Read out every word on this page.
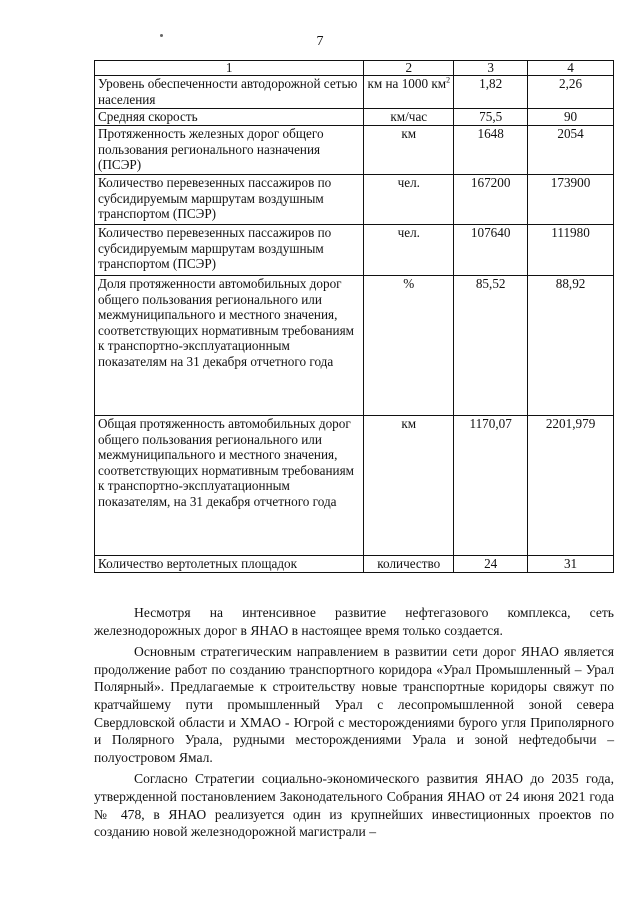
7
1	2	3	4
Уровень обеспеченности автодорожной сетью населения	км на 1000 $км^2$	1,82	2,26
Средняя скорость	км/час	75,5	90
Протяженность железных дорог общего пользования регионального назначения (ПСЭР)	км	1648	2054
Количество перевезенных пассажиров по субсидируемым маршрутам воздушным транспортом (ПСЭР)	чел.	167200	173900
Количество перевезенных пассажиров по субсидируемым маршрутам воздушным транспортом (ПСЭР)	чел.	107640	111980
Доля протяженности автомобильных дорог общего пользования регионального или межмуниципального и местного значения, соответствующих нормативным требованиям к транспортно-эксплуатационным показателям на 31 декабря отчетного года	%	85,52	88,92
Общая протяженность автомобильных дорог общего пользования регионального или межмуниципального и местного значения, соответствующих нормативным требованиям к транспортно-эксплуатационным показателям, на 31 декабря отчетного года	км	1170,07	2201,979
Количество вертолетных площадок	количество	24	31

Несмотря на интенсивное развитие нефтегазового комплекса, сеть железнодорожных дорог в ЯНАО в настоящее время только создается.

Основным стратегическим направлением в развитии сети дорог ЯНАО является продолжение работ по созданию транспортного коридора «Урал Промышленный – Урал Полярный». Предлагаемые к строительству новые транспортные коридоры свяжут по кратчайшему пути промышленный Урал с лесопромышленной зоной севера Свердловской области и ХМАО - Югрой с месторождениями бурого угля Приполярного и Полярного Урала, рудными месторождениями Урала и зоной нефтедобычи – полуостровом Ямал.

Согласно Стратегии социально-экономического развития ЯНАО до 2035 года, утвержденной постановлением Законодательного Собрания ЯНАО от 24 июня 2021 года № 478, в ЯНАО реализуется один из крупнейших инвестиционных проектов по созданию новой железнодорожной магистрали –
